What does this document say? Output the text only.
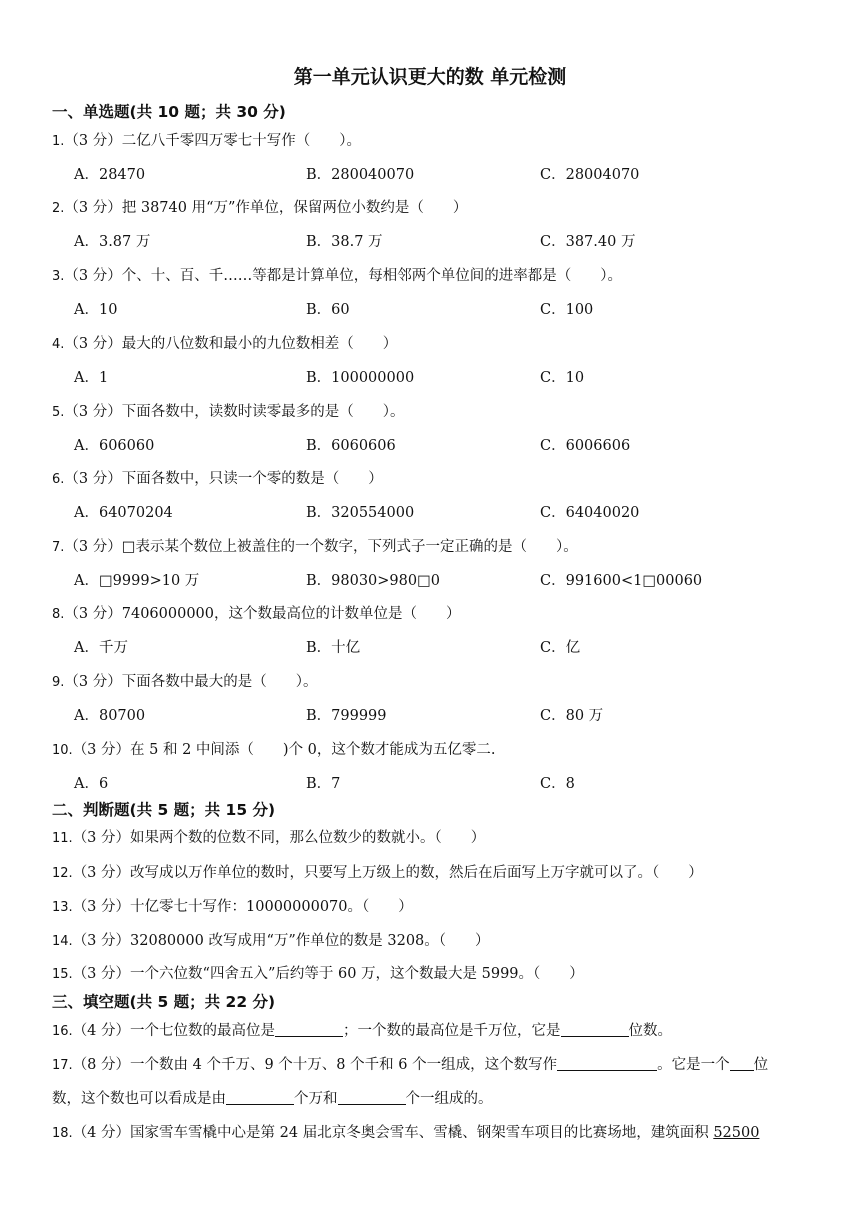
第一单元认识更大的数 单元检测
一、单选题(共 10 题；共 30 分)
1.（3 分）二亿八千零四万零七十写作（　　）。
A．28470	B．280040070	C．28004070
2.（3 分）把 38740 用“万”作单位，保留两位小数约是（　　）
A．3.87 万	B．38.7 万	C．387.40 万
3.（3 分）个、十、百、千……等都是计算单位，每相邻两个单位间的进率都是（　　）。
A．10	B．60	C．100
4.（3 分）最大的八位数和最小的九位数相差（　　）
A．1	B．100000000	C．10
5.（3 分）下面各数中，读数时读零最多的是（　　）。
A．606060	B．6060606	C．6006606
6.（3 分）下面各数中，只读一个零的数是（　　）
A．64070204	B．320554000	C．64040020
7.（3 分）□表示某个数位上被盖住的一个数字，下列式子一定正确的是（　　）。
A．□9999>10 万	B．98030>980□0	C．991600<1□00060
8.（3 分）7406000000，这个数最高位的计数单位是（　　）
A．千万	B．十亿	C．亿
9.（3 分）下面各数中最大的是（　　）。
A．80700	B．799999	C．80 万
10.（3 分）在 5 和 2 中间添（　　)个 0，这个数才能成为五亿零二.
A．6	B．7	C．8
二、判断题(共 5 题；共 15 分)
11.（3 分）如果两个数的位数不同，那么位数少的数就小。（　　）
12.（3 分）改写成以万作单位的数时，只要写上万级上的数，然后在后面写上万字就可以了。（　　）
13.（3 分）十亿零七十写作：10000000070。（　　）
14.（3 分）32080000 改写成用“万”作单位的数是 3208。（　　）
15.（3 分）一个六位数“四舍五入”后约等于 60 万，这个数最大是 5999。（　　）
三、填空题(共 5 题；共 22 分)
16.（4 分）一个七位数的最高位是	；一个数的最高位是千万位，它是	位数。
17.（8 分）一个数由 4 个千万、9 个十万、8 个千和 6 个一组成，这个数写作	。它是一个 位
数，这个数也可以看成是由	个万和	个一组成的。
18.（4 分）国家雪车雪橇中心是第 24 届北京冬奥会雪车、雪橇、钢架雪车项目的比赛场地，建筑面积 52500
